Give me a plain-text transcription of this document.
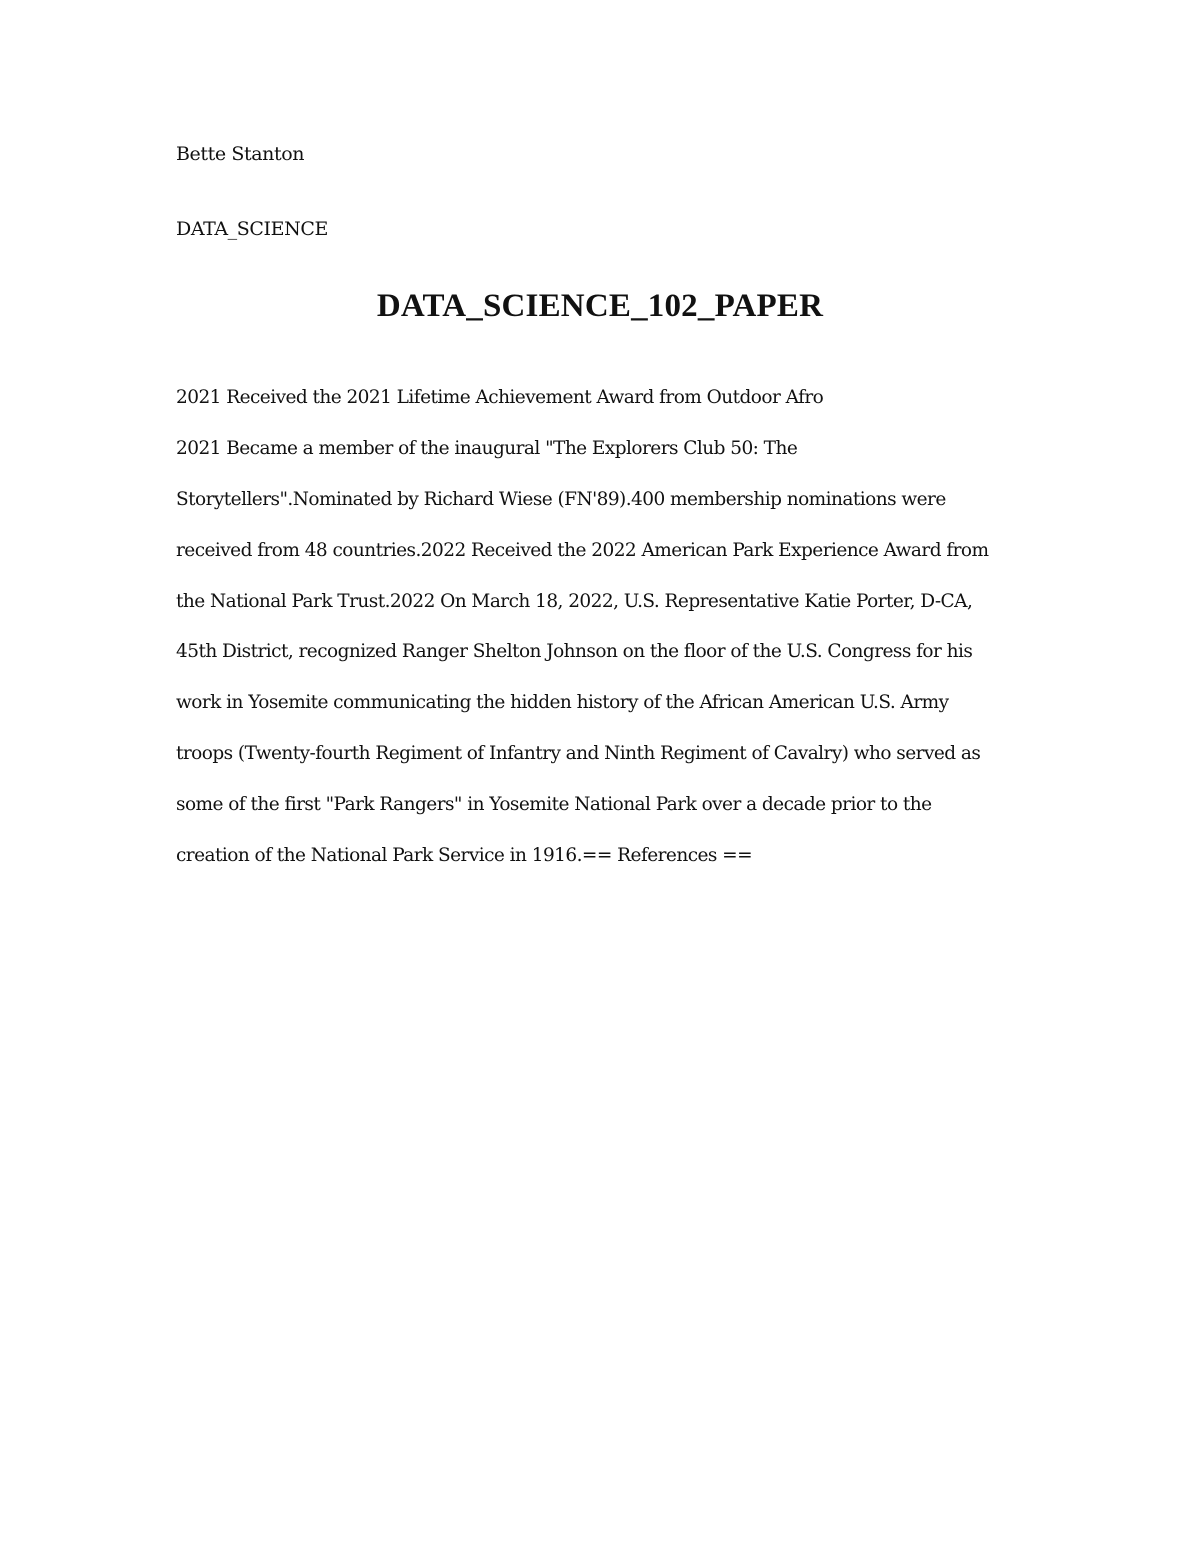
Bette Stanton
DATA_SCIENCE
DATA_SCIENCE_102_PAPER
2021 Received the 2021 Lifetime Achievement Award from Outdoor Afro
2021 Became a member of the inaugural "The Explorers Club 50: The
Storytellers".Nominated by Richard Wiese (FN'89).400 membership nominations were
received from 48 countries.2022 Received the 2022 American Park Experience Award from
the National Park Trust.2022 On March 18, 2022, U.S. Representative Katie Porter, D-CA,
45th District, recognized Ranger Shelton Johnson on the floor of the U.S. Congress for his
work in Yosemite communicating the hidden history of the African American U.S. Army
troops (Twenty-fourth Regiment of Infantry and Ninth Regiment of Cavalry) who served as
some of the first "Park Rangers" in Yosemite National Park over a decade prior to the
creation of the National Park Service in 1916.== References ==
